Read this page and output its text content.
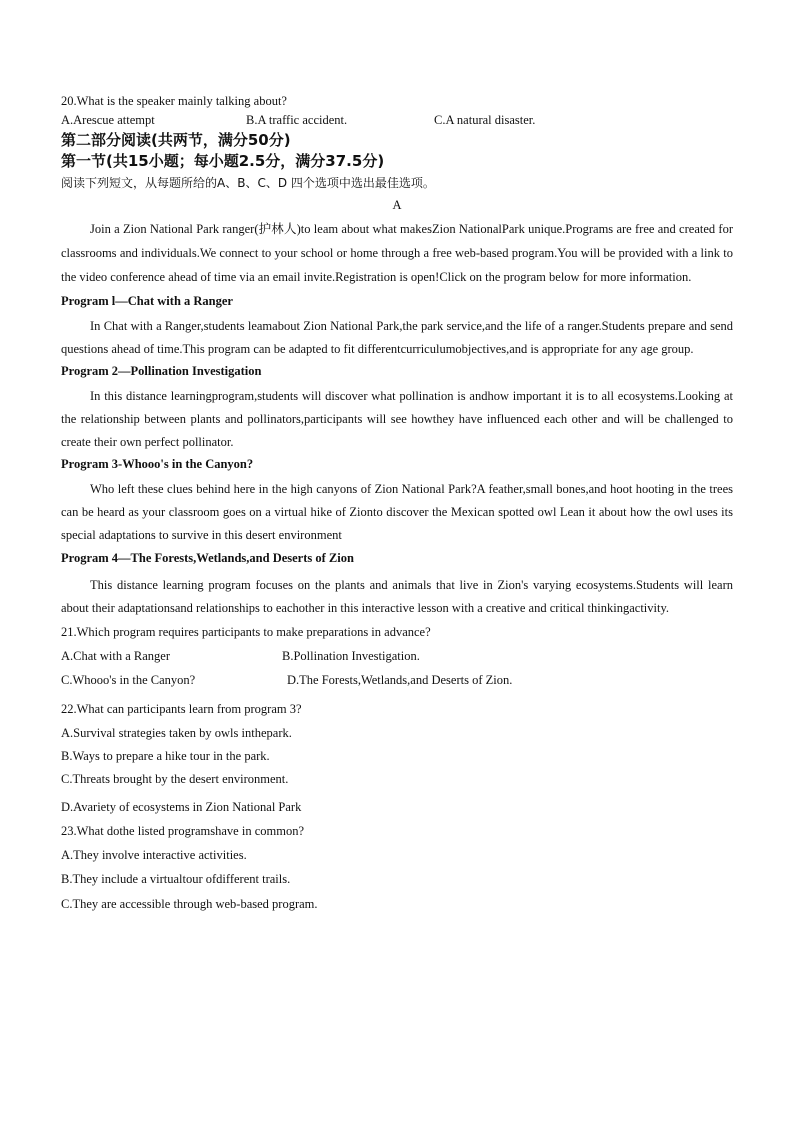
20.What is the speaker mainly talking about?
A.Arescue attempt	B.A traffic accident.	C.A natural disaster.
第二部分阅读(共两节，满分50分)
第一节(共15小题；每小题2.5分，满分37.5分)
阅读下列短文，从每题所给的A、B、C、D 四个选项中选出最佳选项。
A

Join a Zion National Park ranger(护林人)to leam about what makesZion NationalPark unique.Programs are free and created for classrooms and individuals.We connect to your school or home through a free web-based program.You will be provided with a link to the video conference ahead of time via an email invite.Registration is open!Click on the program below for more information.

Program l—Chat with a Ranger

In Chat with a Ranger,students leamabout Zion National Park,the park service,and the life of a ranger.Students prepare and send questions ahead of time.This program can be adapted to fit differentcurriculumobjectives,and is appropriate for any age group.

Program 2—Pollination Investigation

In this distance learningprogram,students will discover what pollination is andhow important it is to all ecosystems.Looking at the relationship between plants and pollinators,participants will see howthey have influenced each other and will be challenged to create their own perfect pollinator.

Program 3-Whooo's in the Canyon?

Who left these clues behind here in the high canyons of Zion National Park?A feather,small bones,and hoot hooting in the trees can be heard as your classroom goes on a virtual hike of Zionto discover the Mexican spotted owl Lean it about how the owl uses its special adaptations to survive in this desert environment

Program 4—The Forests,Wetlands,and Deserts of Zion

This distance learning program focuses on the plants and animals that live in Zion's varying ecosystems.Students will learn about their adaptationsand relationships to eachother in this interactive lesson with a creative and critical thinkingactivity.

21.Which program requires participants to make preparations in advance?
A.Chat with a Ranger	B.Pollination Investigation.
C.Whooo's in the Canyon?	D.The Forests,Wetlands,and Deserts of Zion.
22.What can participants learn from program 3?
A.Survival strategies taken by owls inthepark.
B.Ways to prepare a hike tour in the park.
C.Threats brought by the desert environment.
D.Avariety of ecosystems in Zion National Park
23.What dothe listed programshave in common?
A.They involve interactive activities.
B.They include a virtualtour ofdifferent trails.
C.They are accessible through web-based program.
